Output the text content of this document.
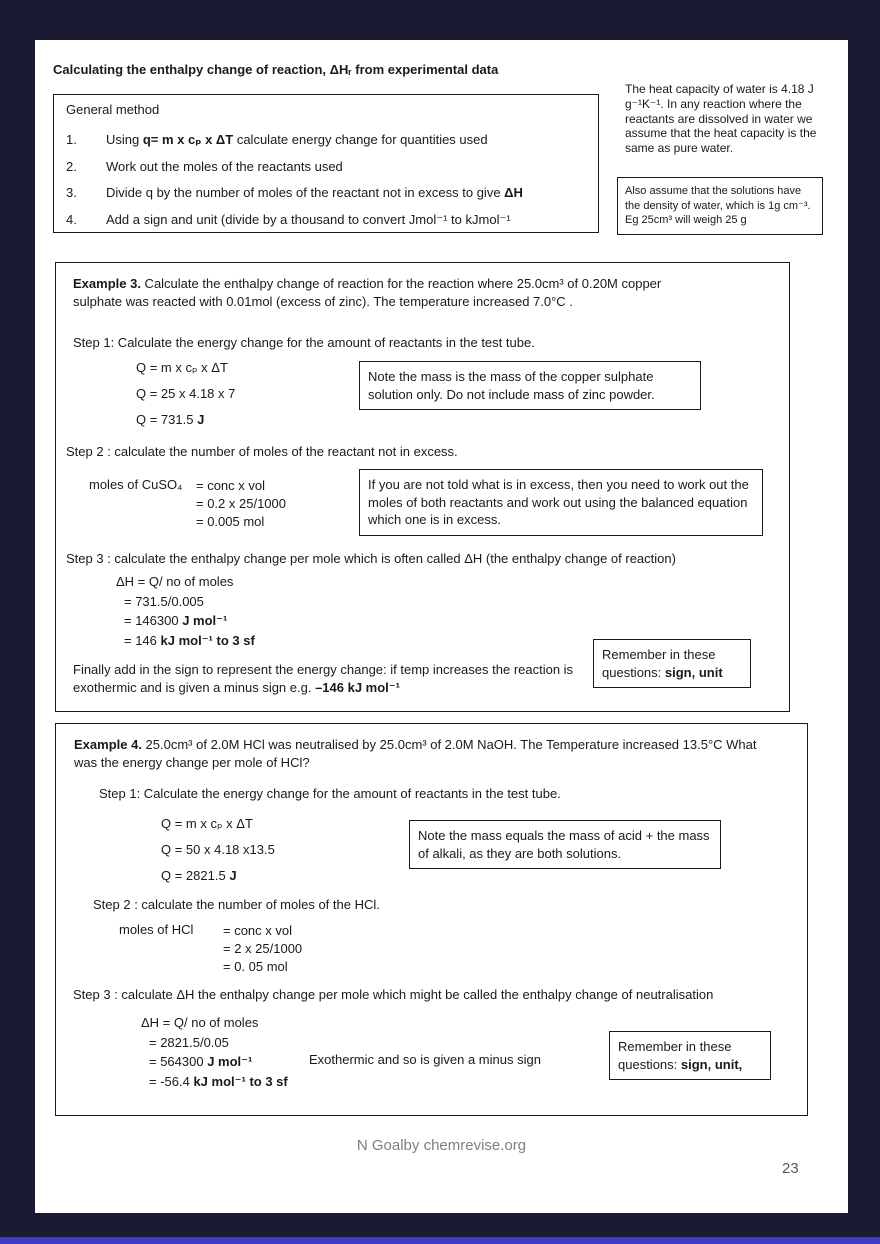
Calculating the enthalpy change of reaction, ΔHᵣ from experimental data
General method
1. Using q= m x cₚ x ΔT calculate energy change for quantities used
2. Work out the moles of the reactants used
3. Divide q by the number of moles of the reactant not in excess to give ΔH
4. Add a sign and unit (divide by a thousand to convert Jmol⁻¹ to kJmol⁻¹
The heat capacity of water is 4.18 J g⁻¹K⁻¹. In any reaction where the reactants are dissolved in water we assume that the heat capacity is the same as pure water.
Also assume that the solutions have the density of water, which is 1g cm⁻³. Eg 25cm³ will weigh 25 g

Example 3. Calculate the enthalpy change of reaction for the reaction where 25.0cm³ of 0.20M copper sulphate was reacted with 0.01mol (excess of zinc). The temperature increased 7.0°C .

Step 1: Calculate the energy change for the amount of reactants in the test tube.

Q = m x cₚ x ΔT
Q = 25 x 4.18 x 7
Q = 731.5 J
Note the mass is the mass of the copper sulphate solution only. Do not include mass of zinc powder.

Step 2 : calculate the number of moles of the reactant not in excess.

moles of CuSO₄ = conc x vol
= 0.2 x 25/1000
= 0.005 mol
If you are not told what is in excess, then you need to work out the moles of both reactants and work out using the balanced equation which one is in excess.

Step 3 : calculate the enthalpy change per mole which is often called ΔH (the enthalpy change of reaction)

ΔH = Q/ no of moles
= 731.5/0.005
= 146300 J mol⁻¹
= 146 kJ mol⁻¹ to 3 sf

Finally add in the sign to represent the energy change: if temp increases the reaction is exothermic and is given a minus sign e.g. –146 kJ mol⁻¹

Remember in these questions: sign, unit

Example 4. 25.0cm³ of 2.0M HCl was neutralised by 25.0cm³ of 2.0M NaOH. The Temperature increased 13.5°C What was the energy change per mole of HCl?

Step 1: Calculate the energy change for the amount of reactants in the test tube.

Q = m x cₚ x ΔT
Q = 50 x 4.18 x13.5
Q = 2821.5 J
Note the mass equals the mass of acid + the mass of alkali, as they are both solutions.

Step 2 : calculate the number of moles of the HCl.

moles of HCl = conc x vol
= 2 x 25/1000
= 0. 05 mol

Step 3 : calculate ΔH the enthalpy change per mole which might be called the enthalpy change of neutralisation

ΔH = Q/ no of moles
= 2821.5/0.05
= 564300 J mol⁻¹
= -56.4 kJ mol⁻¹ to 3 sf
Exothermic and so is given a minus sign
Remember in these questions: sign, unit,
N Goalby chemrevise.org
23
